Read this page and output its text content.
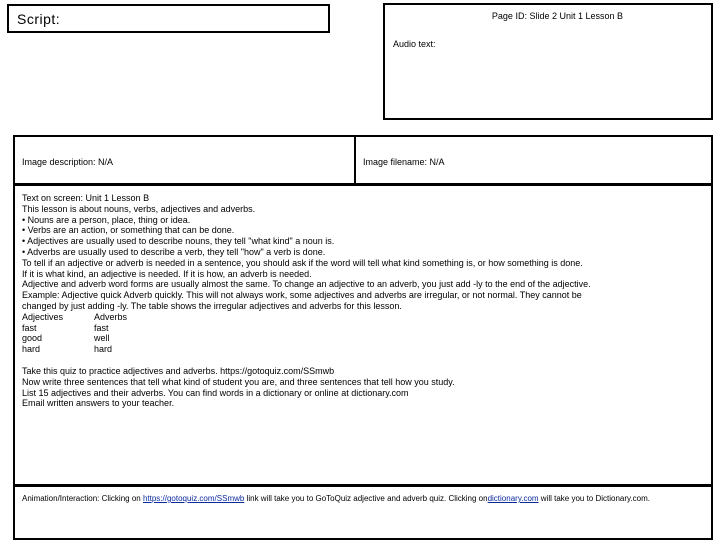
Script:	Page ID: Slide 2 Unit 1 Lesson B
Audio text:
Image description: N/A	Image filename: N/A
Text on screen: Unit 1 Lesson B
This lesson is about nouns, verbs, adjectives and adverbs.
• Nouns are a person, place, thing or idea.
• Verbs are an action, or something that can be done.
• Adjectives are usually used to describe nouns, they tell "what kind" a noun is.
• Adverbs are usually used to describe a verb, they tell "how" a verb is done.
To tell if an adjective or adverb is needed in a sentence, you should ask if the word will tell what kind something is, or how something is done.
If it is what kind, an adjective is needed. If it is how, an adverb is needed.
Adjective and adverb word forms are usually almost the same. To change an adjective to an adverb, you just add -ly to the end of the adjective.
Example: Adjective quick Adverb quickly. This will not always work, some adjectives and adverbs are irregular, or not normal. They cannot be
changed by just adding -ly. The table shows the irregular adjectives and adverbs for this lesson.
Adjectives	Adverbs
fast	fast
good	well
hard	hard
Take this quiz to practice adjectives and adverbs. https://gotoquiz.com/SSmwb
Now write three sentences that tell what kind of student you are, and three sentences that tell how you study.
List 15 adjectives and their adverbs. You can find words in a dictionary or online at dictionary.com
Email written answers to your teacher.
Animation/Interaction: Clicking on https://gotoquiz.com/SSmwb link will take you to GoToQuiz adjective and adverb quiz. Clicking ondictionary.com will take you to Dictionary.com.
